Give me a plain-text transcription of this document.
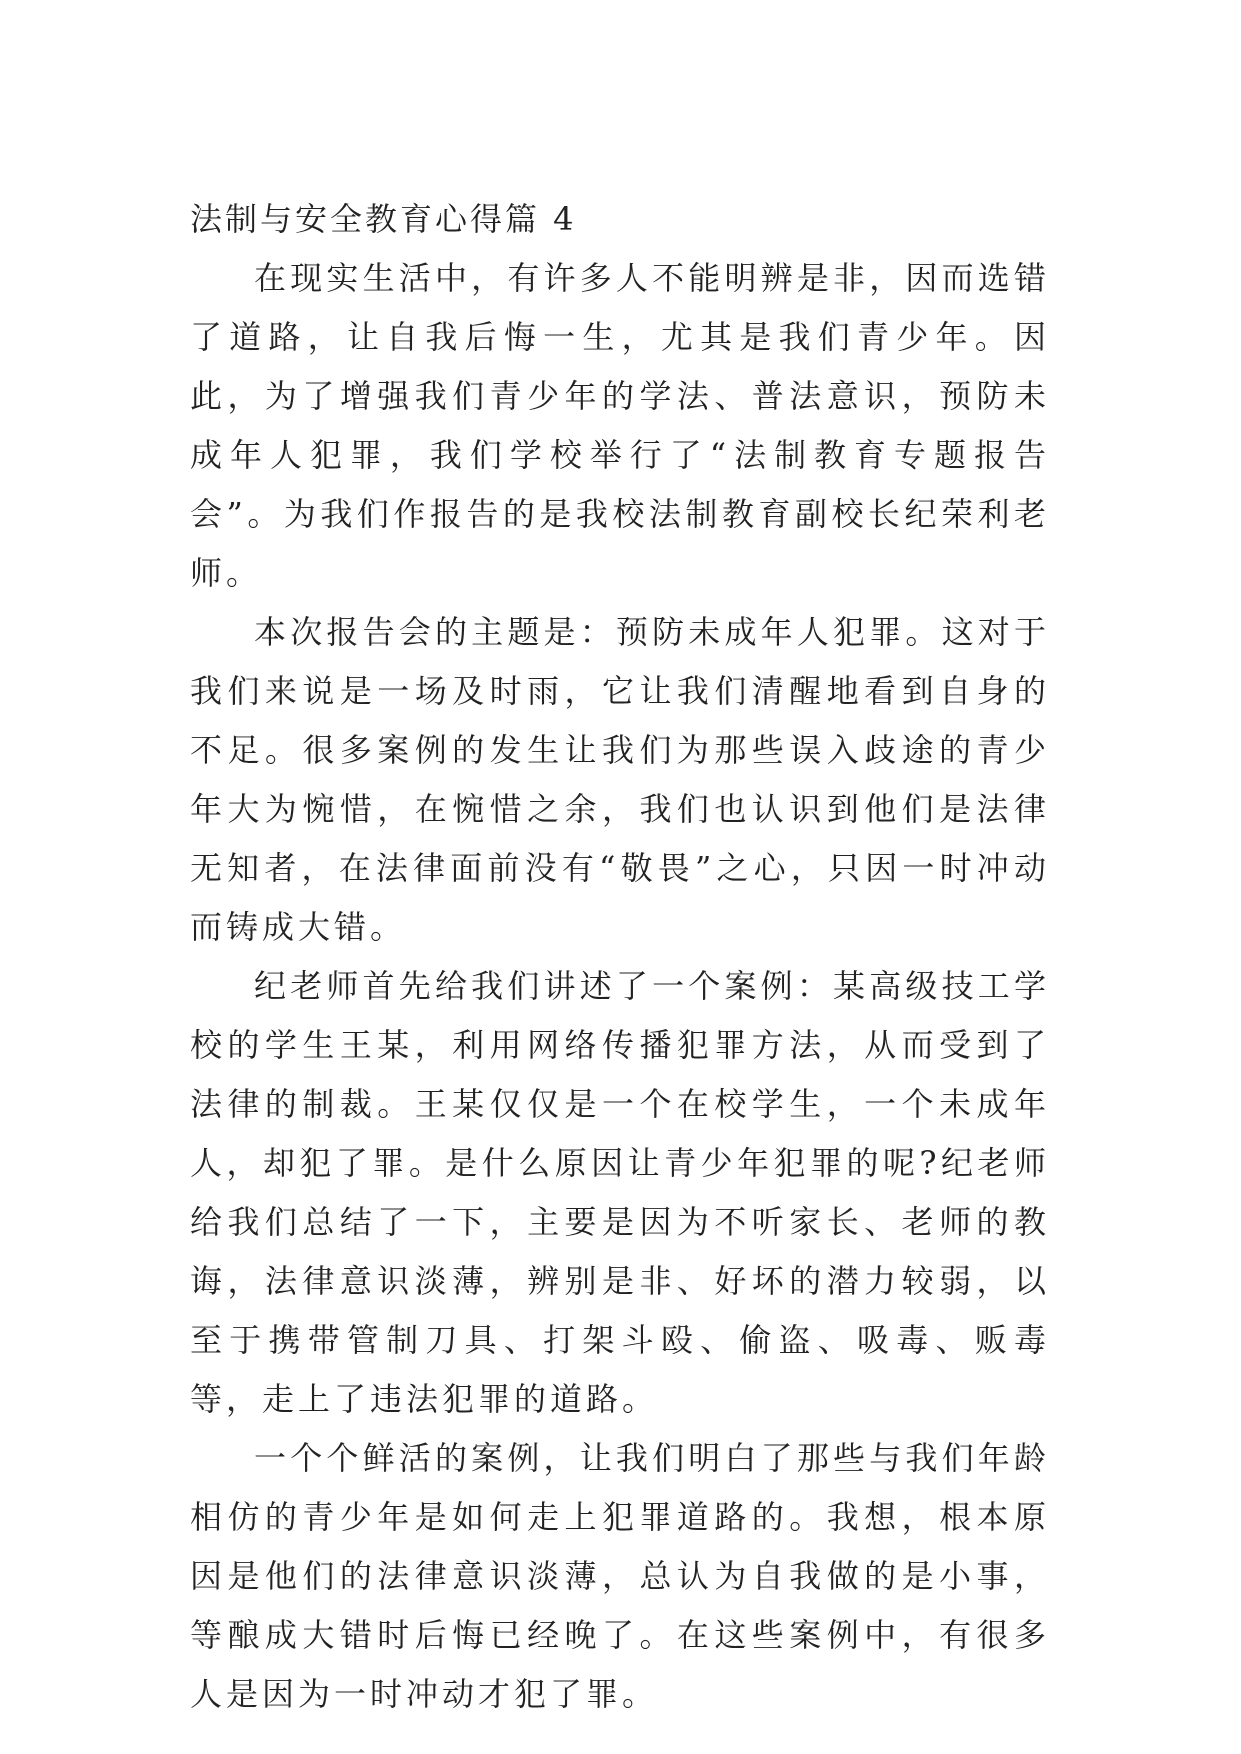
法制与安全教育心得篇 4

在现实生活中，有许多人不能明辨是非，因而选错了道路，让自我后悔一生，尤其是我们青少年。因此，为了增强我们青少年的学法、普法意识，预防未成年人犯罪，我们学校举行了“法制教育专题报告会”。为我们作报告的是我校法制教育副校长纪荣利老师。

本次报告会的主题是：预防未成年人犯罪。这对于我们来说是一场及时雨，它让我们清醒地看到自身的不足。很多案例的发生让我们为那些误入歧途的青少年大为惋惜，在惋惜之余，我们也认识到他们是法律无知者，在法律面前没有“敬畏”之心，只因一时冲动而铸成大错。

纪老师首先给我们讲述了一个案例：某高级技工学校的学生王某，利用网络传播犯罪方法，从而受到了法律的制裁。王某仅仅是一个在校学生，一个未成年人，却犯了罪。是什么原因让青少年犯罪的呢?纪老师给我们总结了一下，主要是因为不听家长、老师的教诲，法律意识淡薄，辨别是非、好坏的潜力较弱，以至于携带管制刀具、打架斗殴、偷盗、吸毒、贩毒等，走上了违法犯罪的道路。

一个个鲜活的案例，让我们明白了那些与我们年龄相仿的青少年是如何走上犯罪道路的。我想，根本原因是他们的法律意识淡薄，总认为自我做的是小事，等酿成大错时后悔已经晚了。在这些案例中，有很多人是因为一时冲动才犯了罪。
